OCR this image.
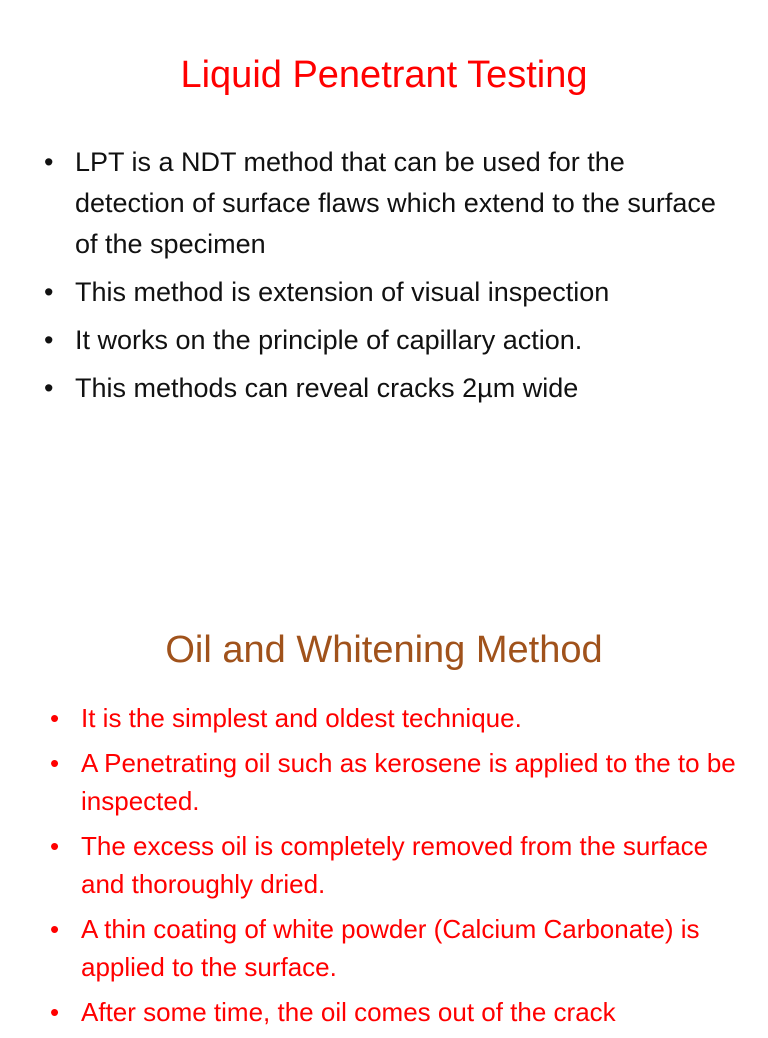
Liquid Penetrant Testing
• LPT is a NDT method that can be used for the detection of surface flaws which extend to the surface of the specimen
• This method is extension of visual inspection
• It works on the principle of capillary action.
• This methods can reveal cracks 2µm wide
Oil and Whitening Method
• It is the simplest and oldest technique.
• A Penetrating oil such as kerosene is applied to the to be inspected.
• The excess oil is completely removed from the surface and thoroughly dried.
• A thin coating of white powder (Calcium Carbonate) is applied to the surface.
• After some time, the oil comes out of the crack
